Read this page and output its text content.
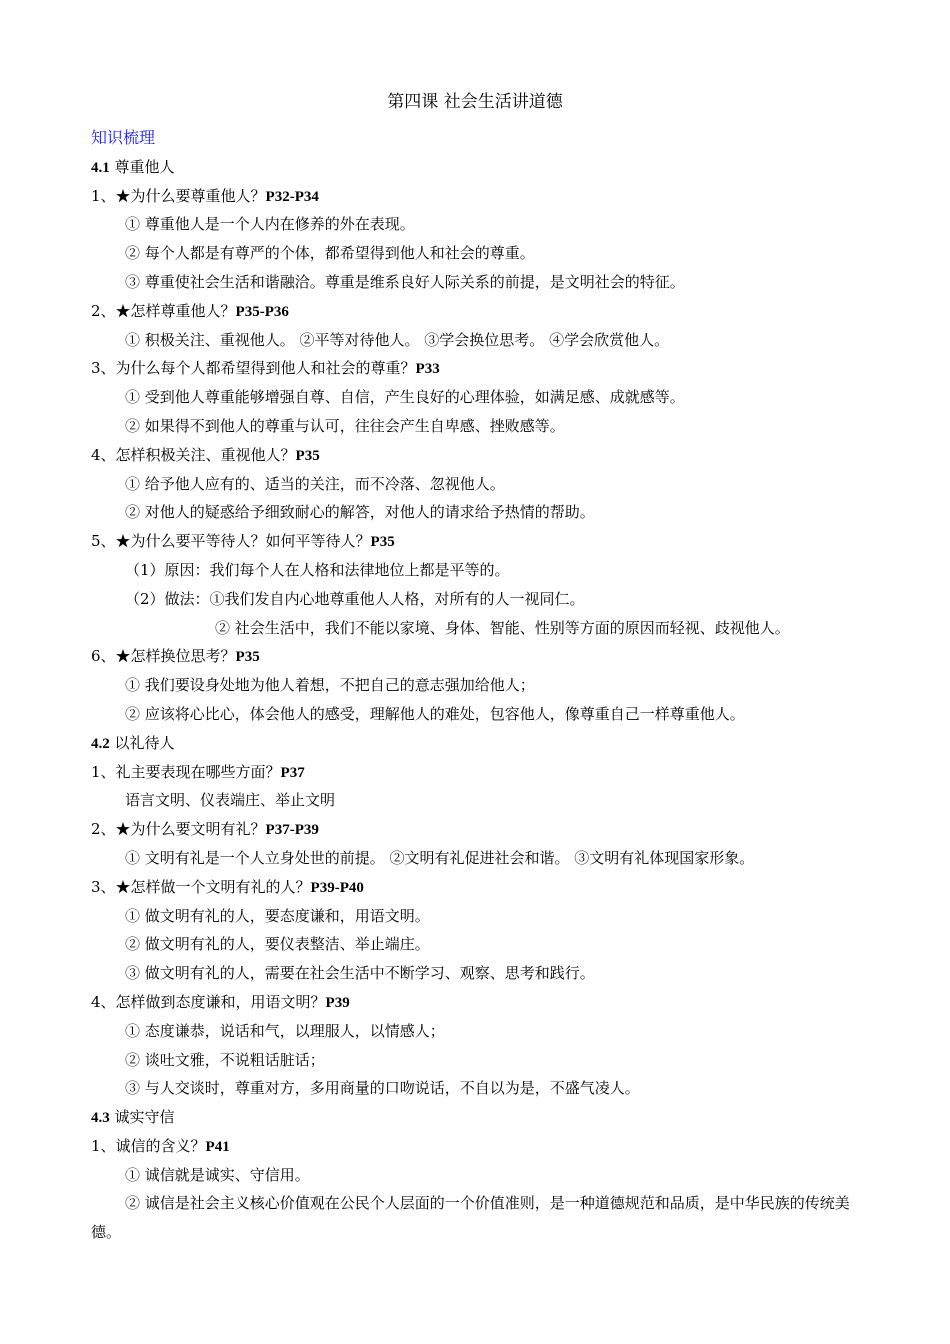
第四课 社会生活讲道德
知识梳理
4.1 尊重他人
1、★为什么要尊重他人？P32-P34
① 尊重他人是一个人内在修养的外在表现。
② 每个人都是有尊严的个体，都希望得到他人和社会的尊重。
③ 尊重使社会生活和谐融洽。尊重是维系良好人际关系的前提，是文明社会的特征。
2、★怎样尊重他人？P35-P36
① 积极关注、重视他人。 ②平等对待他人。 ③学会换位思考。 ④学会欣赏他人。
3、为什么每个人都希望得到他人和社会的尊重？P33
① 受到他人尊重能够增强自尊、自信，产生良好的心理体验，如满足感、成就感等。
② 如果得不到他人的尊重与认可，往往会产生自卑感、挫败感等。
4、怎样积极关注、重视他人？P35
① 给予他人应有的、适当的关注，而不冷落、忽视他人。
② 对他人的疑惑给予细致耐心的解答，对他人的请求给予热情的帮助。
5、★为什么要平等待人？如何平等待人？P35
（1）原因：我们每个人在人格和法律地位上都是平等的。
（2）做法：①我们发自内心地尊重他人人格，对所有的人一视同仁。
② 社会生活中，我们不能以家境、身体、智能、性别等方面的原因而轻视、歧视他人。
6、★怎样换位思考？P35
① 我们要设身处地为他人着想，不把自己的意志强加给他人；
② 应该将心比心，体会他人的感受，理解他人的难处，包容他人，像尊重自己一样尊重他人。
4.2 以礼待人
1、礼主要表现在哪些方面？P37
语言文明、仪表端庄、举止文明
2、★为什么要文明有礼？P37-P39
① 文明有礼是一个人立身处世的前提。 ②文明有礼促进社会和谐。 ③文明有礼体现国家形象。
3、★怎样做一个文明有礼的人？P39-P40
① 做文明有礼的人，要态度谦和，用语文明。
② 做文明有礼的人，要仪表整洁、举止端庄。
③ 做文明有礼的人，需要在社会生活中不断学习、观察、思考和践行。
4、怎样做到态度谦和，用语文明？P39
① 态度谦恭，说话和气，以理服人，以情感人；
② 谈吐文雅，不说粗话脏话；
③ 与人交谈时，尊重对方，多用商量的口吻说话，不自以为是，不盛气凌人。
4.3 诚实守信
1、诚信的含义？P41
① 诚信就是诚实、守信用。
② 诚信是社会主义核心价值观在公民个人层面的一个价值准则，是一种道德规范和品质，是中华民族的传统美德。
